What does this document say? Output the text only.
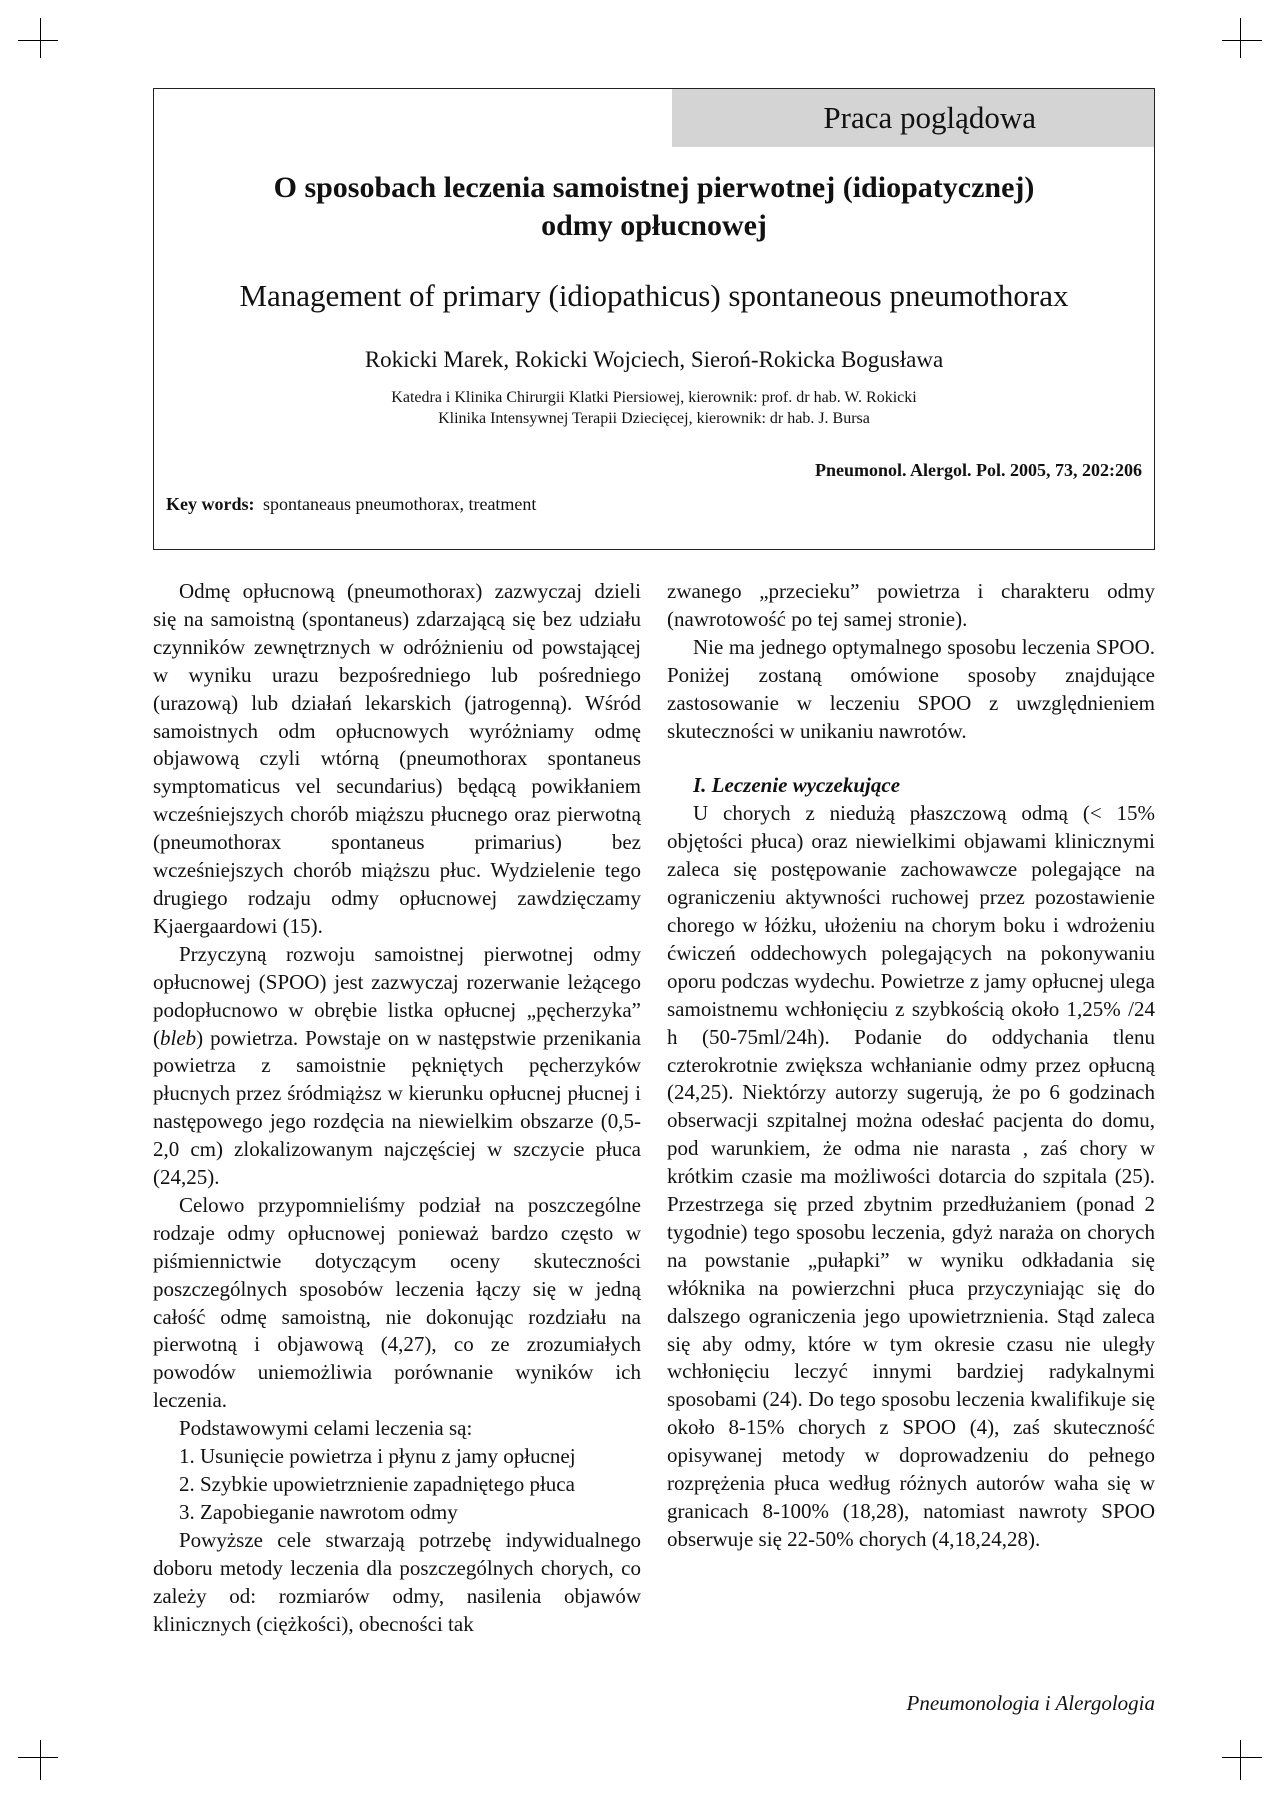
Praca poglądowa
O sposobach leczenia samoistnej pierwotnej (idiopatycznej)
odmy opłucnowej
Management of primary (idiopathicus) spontaneous pneumothorax
Rokicki Marek, Rokicki Wojciech, Sieroń-Rokicka Bogusława
Katedra i Klinika Chirurgii Klatki Piersiowej, kierownik: prof. dr hab. W. Rokicki
Klinika Intensywnej Terapii Dziecięcej, kierownik: dr hab. J. Bursa
Pneumonol. Alergol. Pol. 2005, 73, 202:206
Key words: spontaneaus pneumothorax, treatment

Odmę opłucnową (pneumothorax) zazwyczaj dzieli się na samoistną (spontaneus) zdarzającą się bez udziału czynników zewnętrznych w odróżnieniu od powstającej w wyniku urazu bezpośredniego lub pośredniego (urazową) lub działań lekarskich (jatrogenną). Wśród samoistnych odm opłucnowych wyróżniamy odmę objawową czyli wtórną (pneumothorax spontaneus symptomaticus vel secundarius) będącą powikłaniem wcześniejszych chorób miąższu płucnego oraz pierwotną (pneumothorax spontaneus primarius) bez wcześniejszych chorób miąższu płuc. Wydzielenie tego drugiego rodzaju odmy opłucnowej zawdzięczamy Kjaergaardowi (15).

Przyczyną rozwoju samoistnej pierwotnej odmy opłucnowej (SPOO) jest zazwyczaj rozerwanie leżącego podopłucnowo w obrębie listka opłucnej „pęcherzyka” (bleb) powietrza. Powstaje on w następstwie przenikania powietrza z samoistnie pękniętych pęcherzyków płucnych przez śródmiąższ w kierunku opłucnej płucnej i następowego jego rozdęcia na niewielkim obszarze (0,5-2,0 cm) zlokalizowanym najczęściej w szczycie płuca (24,25).

Celowo przypomnieliśmy podział na poszczególne rodzaje odmy opłucnowej ponieważ bardzo często w piśmiennictwie dotyczącym oceny skuteczności poszczególnych sposobów leczenia łączy się w jedną całość odmę samoistną, nie dokonując rozdziału na pierwotną i objawową (4,27), co ze zrozumiałych powodów uniemożliwia porównanie wyników ich leczenia.

Podstawowymi celami leczenia są:

1. Usunięcie powietrza i płynu z jamy opłucnej
2. Szybkie upowietrznienie zapadniętego płuca
3. Zapobieganie nawrotom odmy

Powyższe cele stwarzają potrzebę indywidualnego doboru metody leczenia dla poszczególnych chorych, co zależy od: rozmiarów odmy, nasilenia objawów klinicznych (ciężkości), obecności tak

zwanego „przecieku” powietrza i charakteru odmy (nawrotowość po tej samej stronie).

Nie ma jednego optymalnego sposobu leczenia SPOO. Poniżej zostaną omówione sposoby znajdujące zastosowanie w leczeniu SPOO z uwzględnieniem skuteczności w unikaniu nawrotów.

I. Leczenie wyczekujące

U chorych z niedużą płaszczową odmą (< 15% objętości płuca) oraz niewielkimi objawami klinicznymi zaleca się postępowanie zachowawcze polegające na ograniczeniu aktywności ruchowej przez pozostawienie chorego w łóżku, ułożeniu na chorym boku i wdrożeniu ćwiczeń oddechowych polegających na pokonywaniu oporu podczas wydechu. Powietrze z jamy opłucnej ulega samoistnemu wchłonięciu z szybkością około 1,25% /24 h (50-75ml/24h). Podanie do oddychania tlenu czterokrotnie zwiększa wchłanianie odmy przez opłucną (24,25). Niektórzy autorzy sugerują, że po 6 godzinach obserwacji szpitalnej można odesłać pacjenta do domu, pod warunkiem, że odma nie narasta , zaś chory w krótkim czasie ma możliwości dotarcia do szpitala (25). Przestrzega się przed zbytnim przedłużaniem (ponad 2 tygodnie) tego sposobu leczenia, gdyż naraża on chorych na powstanie „pułapki” w wyniku odkładania się włóknika na powierzchni płuca przyczyniając się do dalszego ograniczenia jego upowietrznienia. Stąd zaleca się aby odmy, które w tym okresie czasu nie uległy wchłonięciu leczyć innymi bardziej radykalnymi sposobami (24). Do tego sposobu leczenia kwalifikuje się około 8-15% chorych z SPOO (4), zaś skuteczność opisywanej metody w doprowadzeniu do pełnego rozprężenia płuca według różnych autorów waha się w granicach 8-100% (18,28), natomiast nawroty SPOO obserwuje się 22-50% chorych (4,18,24,28).

Pneumonologia i Alergologia
